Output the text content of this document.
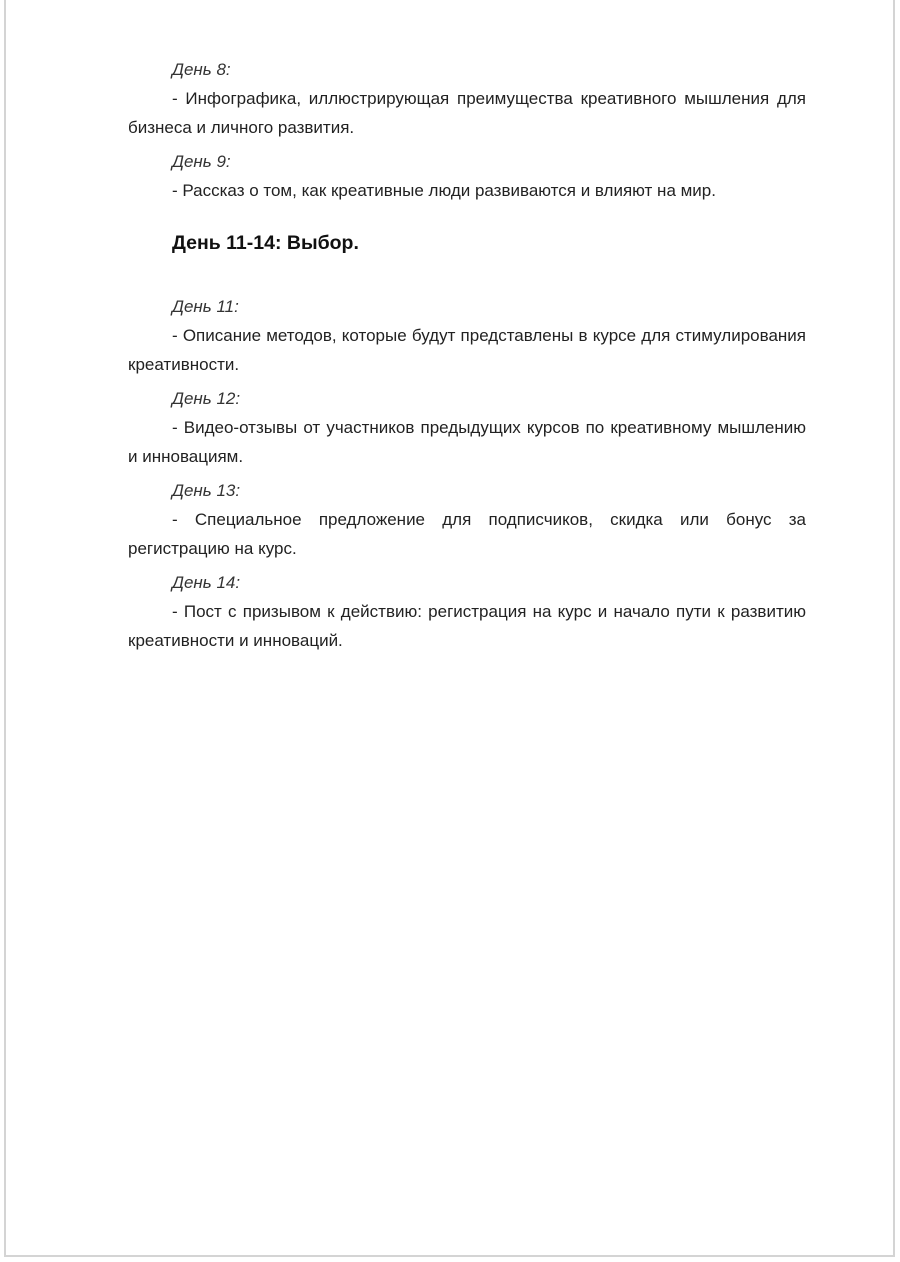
День 8:

- Инфографика, иллюстрирующая преимущества креативного мышления для бизнеса и личного развития.

День 9:

- Рассказ о том, как креативные люди развиваются и влияют на мир.

День 11-14: Выбор.

День 11:

- Описание методов, которые будут представлены в курсе для стимулирования креативности.

День 12:

- Видео-отзывы от участников предыдущих курсов по креативному мышлению и инновациям.

День 13:

- Специальное предложение для подписчиков, скидка или бонус за регистрацию на курс.

День 14:

- Пост с призывом к действию: регистрация на курс и начало пути к развитию креативности и инноваций.
